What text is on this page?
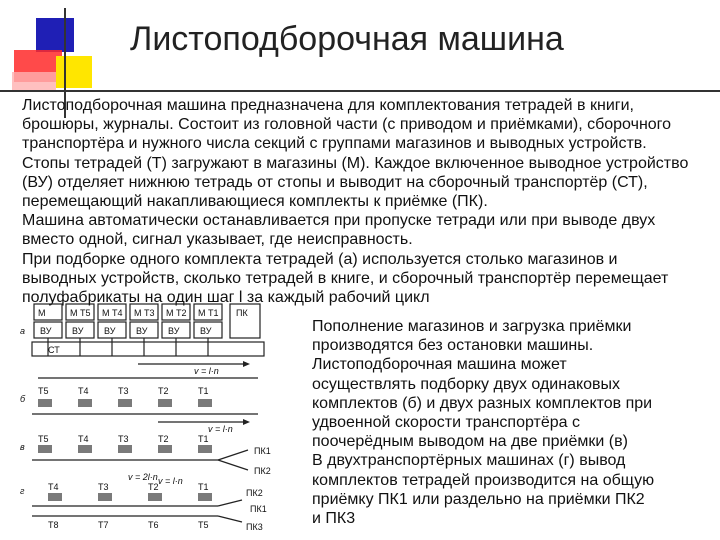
Листоподборочная машина

Листоподборочная машина предназначена для комплектования тетрадей в книги,

брошюры, журналы. Состоит из головной части (с приводом и приёмками), сборочного

транспортёра и нужного числа секций с группами магазинов и выводных устройств.

Стопы тетрадей (Т) загружают в магазины (М). Каждое включенное выводное устройство

(ВУ) отделяет нижнюю тетрадь от стопы и выводит на сборочный транспортёр (СТ),

перемещающий накапливающиеся комплекты к приёмке (ПК).

Машина автоматически останавливается при пропуске тетради или при выводе двух

вместо одной, сигнал указывает, где неисправность.

При подборке одного комплекта тетрадей (а) используется столько магазинов и

выводных устройств, сколько тетрадей в книге, и сборочный транспортёр перемещает

полуфабрикаты на один шаг l за каждый рабочий цикл

Пополнение магазинов и загрузка приёмки

производятся без остановки машины.

Листоподборочная машина может

осуществлять подборку двух одинаковых

комплектов (б) и двух разных комплектов при

удвоенной скорости транспортёра с

поочерёдным выводом на две приёмки (в)

В двухтранспортёрных машинах (г) вывод

комплектов тетрадей производится на общую

приёмку ПК1 или раздельно на приёмки ПК2

и ПК3

а
б
в
г
М
ВУ
М Т5
ВУ
М Т4
ВУ
М Т3
ВУ
М Т2
ВУ
М Т1
ВУ
ПК
СТ
v = l·n
T5	T4	T3	T2	T1
v = l·n
T5	T4	T3	T2	T1
ПК1
ПК2
v = 2l·n
T4	T3	T2	T1
T8	T7	T6	T5
ПК2
ПК1
ПК3
v = l·n
